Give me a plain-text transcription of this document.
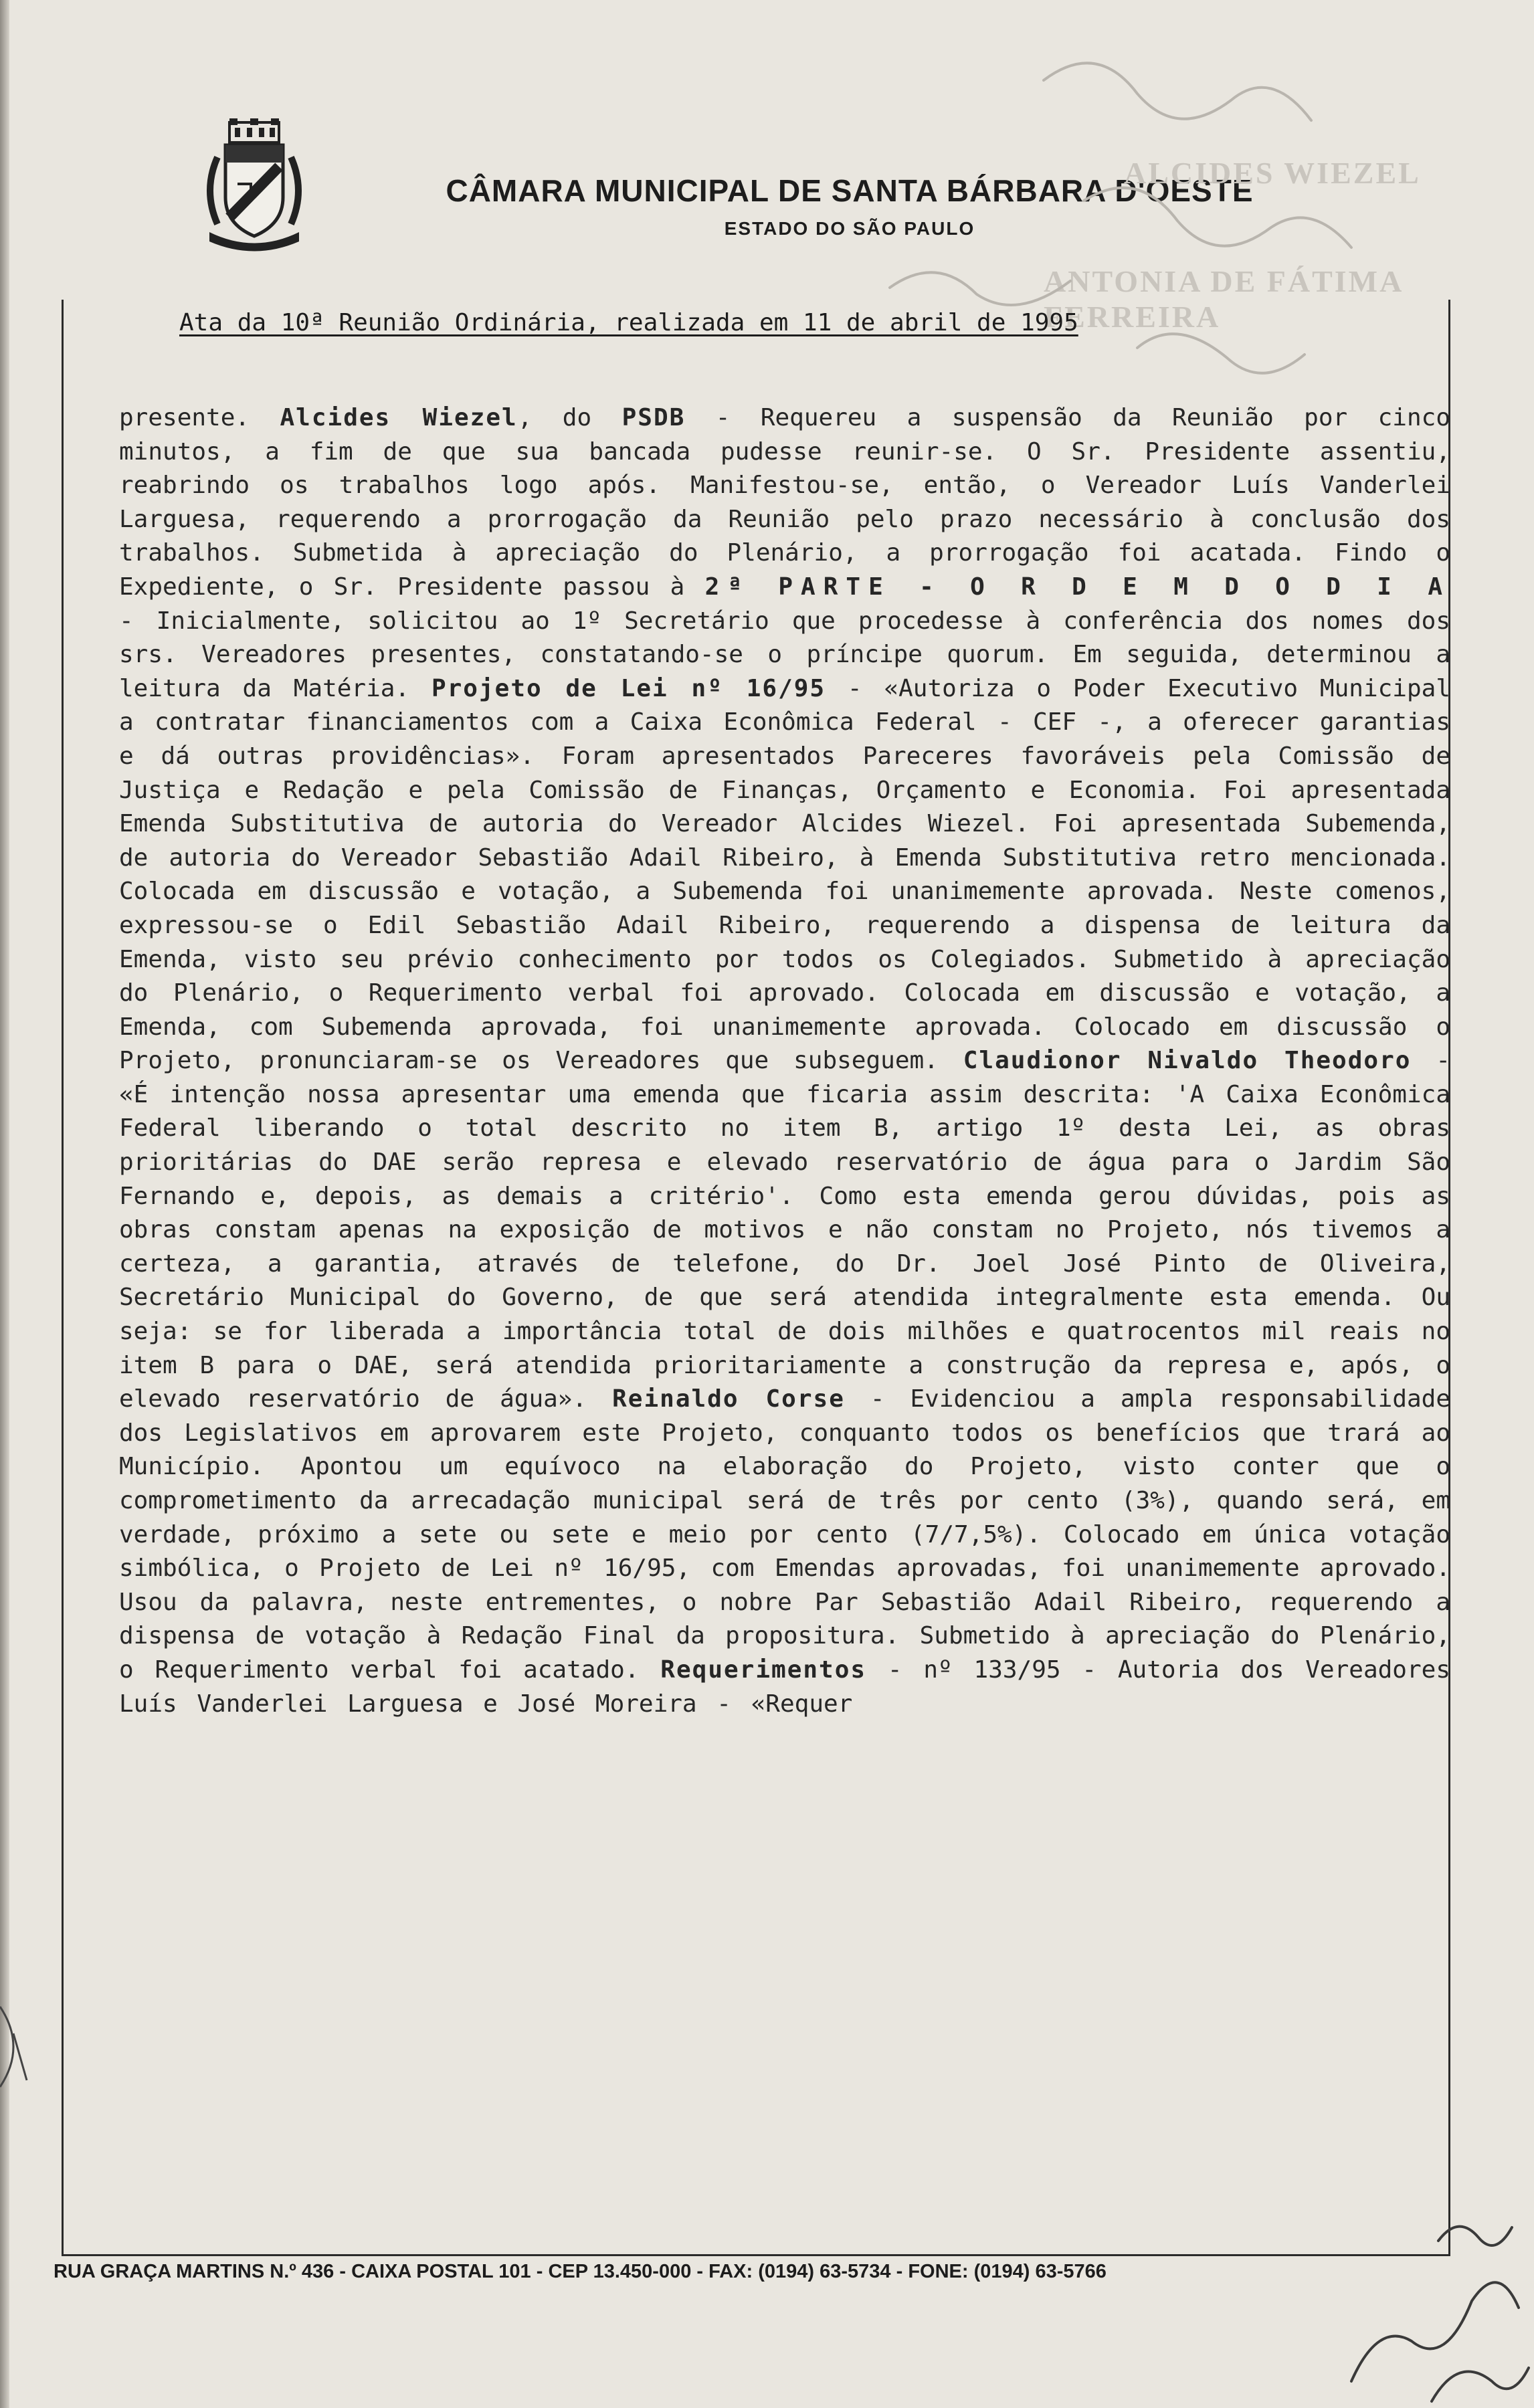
CÂMARA MUNICIPAL DE SANTA BÁRBARA D'OESTE
ESTADO DO SÃO PAULO
ALCIDES WIEZEL
ANTONIA DE FÁTIMA FERREIRA
Ata da 10ª Reunião Ordinária, realizada em 11 de abril de 1995
presente. Alcides Wiezel, do PSDB - Requereu a suspensão da Reunião por cinco minutos, a fim de que sua bancada pudesse reunir-se. O Sr. Presidente assentiu, reabrindo os trabalhos logo após. Manifestou-se, então, o Vereador Luís Vanderlei Larguesa, requerendo a prorrogação da Reunião pelo prazo necessário à conclusão dos trabalhos. Submetida à apreciação do Plenário, a prorrogação foi acatada. Findo o Expediente, o Sr. Presidente passou à 2ª PARTE - O R D E M D O D I A - Inicialmente, solicitou ao 1º Secretário que procedesse à conferência dos nomes dos srs. Vereadores presentes, constatando-se o príncipe quorum. Em seguida, determinou a leitura da Matéria. Projeto de Lei nº 16/95 - «Autoriza o Poder Executivo Municipal a contratar financiamentos com a Caixa Econômica Federal - CEF -, a oferecer garantias e dá outras providências». Foram apresentados Pareceres favoráveis pela Comissão de Justiça e Redação e pela Comissão de Finanças, Orçamento e Economia. Foi apresentada Emenda Substitutiva de autoria do Vereador Alcides Wiezel. Foi apresentada Subemenda, de autoria do Vereador Sebastião Adail Ribeiro, à Emenda Substitutiva retro mencionada. Colocada em discussão e votação, a Subemenda foi unanimemente aprovada. Neste comenos, expressou-se o Edil Sebastião Adail Ribeiro, requerendo a dispensa de leitura da Emenda, visto seu prévio conhecimento por todos os Colegiados. Submetido à apreciação do Plenário, o Requerimento verbal foi aprovado. Colocada em discussão e votação, a Emenda, com Subemenda aprovada, foi unanimemente aprovada. Colocado em discussão o Projeto, pronunciaram-se os Vereadores que subseguem. Claudionor Nivaldo Theodoro - «É intenção nossa apresentar uma emenda que ficaria assim descrita: 'A Caixa Econômica Federal liberando o total descrito no item B, artigo 1º desta Lei, as obras prioritárias do DAE serão represa e elevado reservatório de água para o Jardim São Fernando e, depois, as demais a critério'. Como esta emenda gerou dúvidas, pois as obras constam apenas na exposição de motivos e não constam no Projeto, nós tivemos a certeza, a garantia, através de telefone, do Dr. Joel José Pinto de Oliveira, Secretário Municipal do Governo, de que será atendida integralmente esta emenda. Ou seja: se for liberada a importância total de dois milhões e quatrocentos mil reais no item B para o DAE, será atendida prioritariamente a construção da represa e, após, o elevado reservatório de água». Reinaldo Corse - Evidenciou a ampla responsabilidade dos Legislativos em aprovarem este Projeto, conquanto todos os benefícios que trará ao Município. Apontou um equívoco na elaboração do Projeto, visto conter que o comprometimento da arrecadação municipal será de três por cento (3%), quando será, em verdade, próximo a sete ou sete e meio por cento (7/7,5%). Colocado em única votação simbólica, o Projeto de Lei nº 16/95, com Emendas aprovadas, foi unanimemente aprovado. Usou da palavra, neste entrementes, o nobre Par Sebastião Adail Ribeiro, requerendo a dispensa de votação à Redação Final da propositura. Submetido à apreciação do Plenário, o Requerimento verbal foi acatado. Requerimentos - nº 133/95 - Autoria dos Vereadores Luís Vanderlei Larguesa e José Moreira - «Requer
RUA GRAÇA MARTINS N.º 436 - CAIXA POSTAL 101 - CEP 13.450-000 - FAX: (0194) 63-5734 - FONE: (0194) 63-5766
